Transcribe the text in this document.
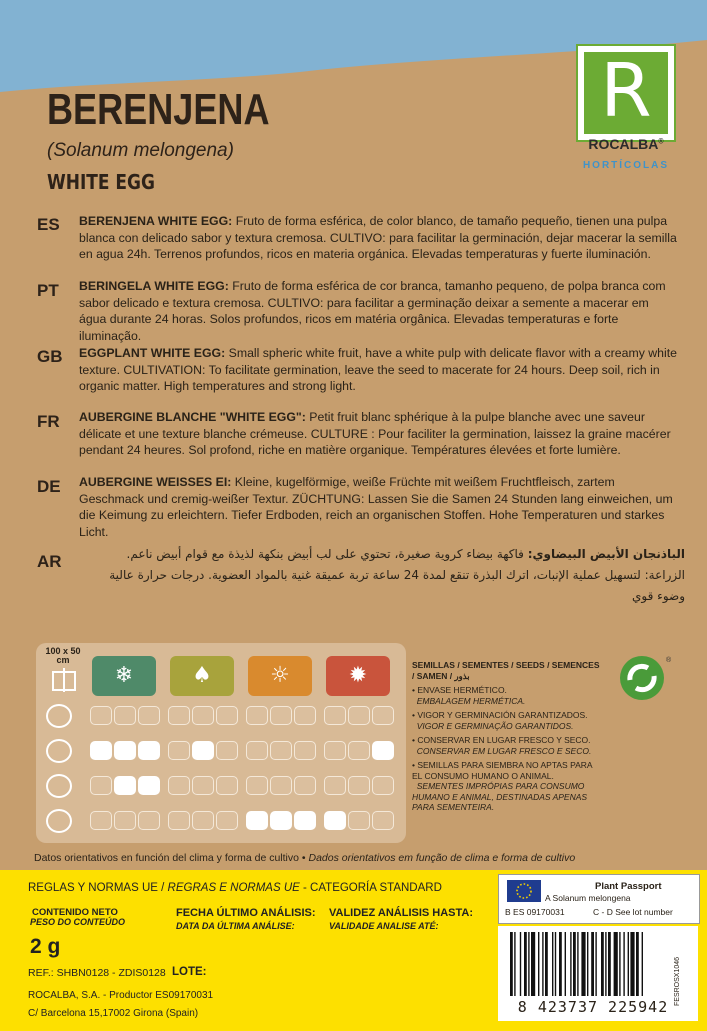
BERENJENA
(Solanum melongena)
WHITE EGG
R
ROCALBA®
HORTÍCOLAS
ES BERENJENA WHITE EGG: Fruto de forma esférica, de color blanco, de tamaño pequeño, tienen una pulpa blanca con delicado sabor y textura cremosa. CULTIVO: para facilitar la germinación, dejar macerar la semilla en agua 24h. Terrenos profundos, ricos en materia orgánica. Elevadas temperaturas y fuerte iluminación.
PT BERINGELA WHITE EGG: Fruto de forma esférica de cor branca, tamanho pequeno, de polpa branca com sabor delicado e textura cremosa. CULTIVO: para facilitar a germinação deixar a semente a macerar em água durante 24 horas. Solos profundos, ricos em matéria orgânica. Elevadas temperaturas e forte iluminação.
GB EGGPLANT WHITE EGG: Small spheric white fruit, have a white pulp with delicate flavor with a creamy white texture. CULTIVATION: To facilitate germination, leave the seed to macerate for 24 hours. Deep soil, rich in organic matter. High temperatures and strong light.
FR AUBERGINE BLANCHE "WHITE EGG": Petit fruit blanc sphérique à la pulpe blanche avec une saveur délicate et une texture blanche crémeuse. CULTURE : Pour faciliter la germination, laissez la graine macérer pendant 24 heures. Sol profond, riche en matière organique. Températures élevées et forte lumière.
DE AUBERGINE WEISSES EI: Kleine, kugelförmige, weiße Früchte mit weißem Fruchtfleisch, zartem Geschmack und cremig-weißer Textur. ZÜCHTUNG: Lassen Sie die Samen 24 Stunden lang einweichen, um die Keimung zu erleichtern. Tiefer Erdboden, reich an organischen Stoffen. Hohe Temperaturen und starkes Licht.
AR	الباذنجان الأبيض البيضاوي: فاكهة بيضاء كروية صغيرة، تحتوي على لب أبيض بنكهة لذيذة مع قوام أبيض ناعم. الزراعة: لتسهيل عملية الإنبات، اترك البذرة تنقع لمدة 24 ساعة تربة عميقة غنية بالمواد العضوية. درجات حرارة عالية وضوء قوي
100 x 50
cm
❄	♠	☼	✹	SEMILLAS / SEMENTES / SEEDS / SEMENCES / SAMEN / بذور

• ENVASE HERMÉTICO.
EMBALAGEM HERMÉTICA.

• VIGOR Y GERMINACIÓN GARANTIZADOS.
VIGOR E GERMINAÇÃO GARANTIDOS.

• CONSERVAR EN LUGAR FRESCO Y SECO.
CONSERVAR EM LUGAR FRESCO E SECO.

• SEMILLAS PARA SIEMBRA NO APTAS PARA EL CONSUMO HUMANO O ANIMAL.
SEMENTES IMPRÓPIAS PARA CONSUMO HUMANO E ANIMAL, DESTINADAS APENAS PARA SEMENTEIRA.

®
Datos orientativos en función del clima y forma de cultivo • Dados orientativos em função de clima e forma de cultivo
REGLAS Y NORMAS UE / REGRAS E NORMAS UE - CATEGORÍA STANDARD
CONTENIDO NETO
PESO DO CONTEÚDO
2 g
FECHA ÚLTIMO ANÁLISIS:
DATA DA ÚLTIMA ANÁLISE:
VALIDEZ ANÁLISIS HASTA:
VALIDADE ANALISE ATÉ:
REF.: SHBN0128 - ZDIS0128 LOTE:
ROCALBA, S.A. - Productor ES09170031
C/ Barcelona 15,17002 Girona (Spain)
Plant Passport
A Solanum melongena
B ES 09170031	C - D See lot number
8 423737 225942
FESROSX1046
